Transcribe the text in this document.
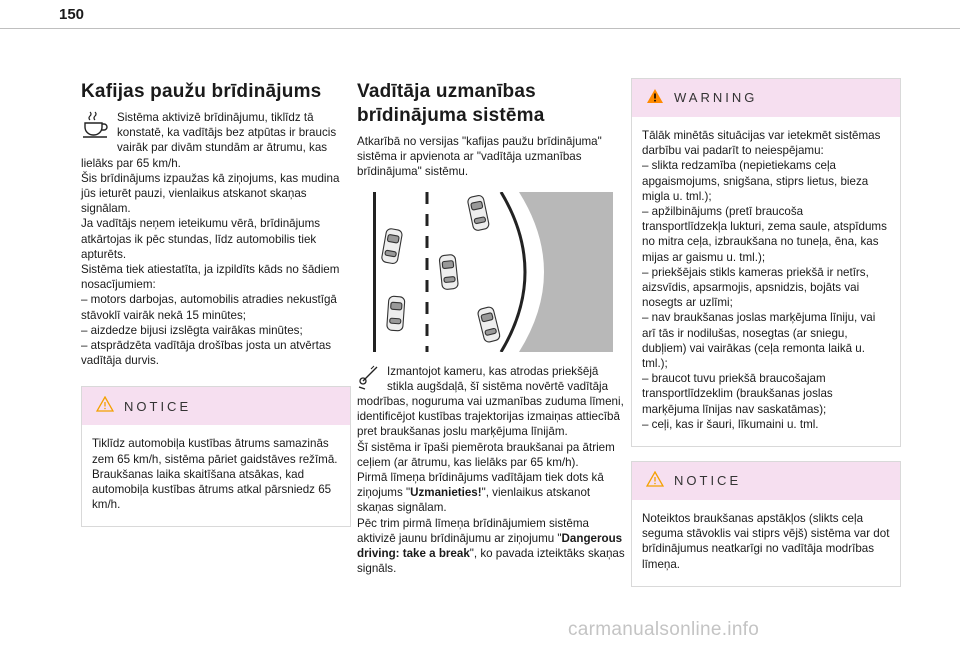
150
Kafijas paužu brīdinājums

Sistēma aktivizē brīdinājumu, tiklīdz tā konstatē, ka vadītājs bez atpūtas ir braucis vairāk par divām stundām ar ātrumu, kas lielāks par 65 km/h.

Šis brīdinājums izpaužas kā ziņojums, kas mudina jūs ieturēt pauzi, vienlaikus atskanot skaņas signālam.

Ja vadītājs neņem ieteikumu vērā, brīdinājums atkārtojas ik pēc stundas, līdz automobilis tiek apturēts.

Sistēma tiek atiestatīta, ja izpildīts kāds no šādiem nosacījumiem:

– motors darbojas, automobilis atradies nekustīgā stāvoklī vairāk nekā 15 minūtes;

– aizdedze bijusi izslēgta vairākas minūtes;

– atsprādzēta vadītāja drošības josta un atvērtas vadītāja durvis.

NOTICE

Tiklīdz automobiļa kustības ātrums samazinās zem 65 km/h, sistēma pāriet gaidstāves režīmā.

Braukšanas laika skaitīšana atsākas, kad automobiļa kustības ātrums atkal pārsniedz 65 km/h.

Vadītāja uzmanības brīdinājuma sistēma

Atkarībā no versijas "kafijas paužu brīdinājuma" sistēma ir apvienota ar "vadītāja uzmanības brīdinājuma" sistēmu.

Izmantojot kameru, kas atrodas priekšējā stikla augšdaļā, šī sistēma novērtē vadītāja modrības, noguruma vai uzmanības zuduma līmeni, identificējot kustības trajektorijas izmaiņas attiecībā pret braukšanas joslu marķējuma līnijām.

Šī sistēma ir īpaši piemērota braukšanai pa ātriem ceļiem (ar ātrumu, kas lielāks par 65 km/h).

Pirmā līmeņa brīdinājums vadītājam tiek dots kā ziņojums "Uzmanieties!", vienlaikus atskanot skaņas signālam.

Pēc trim pirmā līmeņa brīdinājumiem sistēma aktivizē jaunu brīdinājumu ar ziņojumu "Dangerous driving: take a break", ko pavada izteiktāks skaņas signāls.

WARNING

Tālāk minētās situācijas var ietekmēt sistēmas darbību vai padarīt to neiespējamu:

– slikta redzamība (nepietiekams ceļa apgaismojums, snigšana, stiprs lietus, bieza migla u. tml.);

– apžilbinājums (pretī braucoša transportlīdzekļa lukturi, zema saule, atspīdums no mitra ceļa, izbraukšana no tuneļa, ēna, kas mijas ar gaismu u. tml.);

– priekšējais stikls kameras priekšā ir netīrs, aizsvīdis, apsarmojis, apsnidzis, bojāts vai nosegts ar uzlīmi;

– nav braukšanas joslas marķējuma līniju, vai arī tās ir nodilušas, nosegtas (ar sniegu, dubļiem) vai vairākas (ceļa remonta laikā u. tml.);

– braucot tuvu priekšā braucošajam transportlīdzeklim (braukšanas joslas marķējuma līnijas nav saskatāmas);

– ceļi, kas ir šauri, līkumaini u. tml.

NOTICE

Noteiktos braukšanas apstākļos (slikts ceļa seguma stāvoklis vai stiprs vējš) sistēma var dot brīdinājumus neatkarīgi no vadītāja modrības līmeņa.

carmanualsonline.info
